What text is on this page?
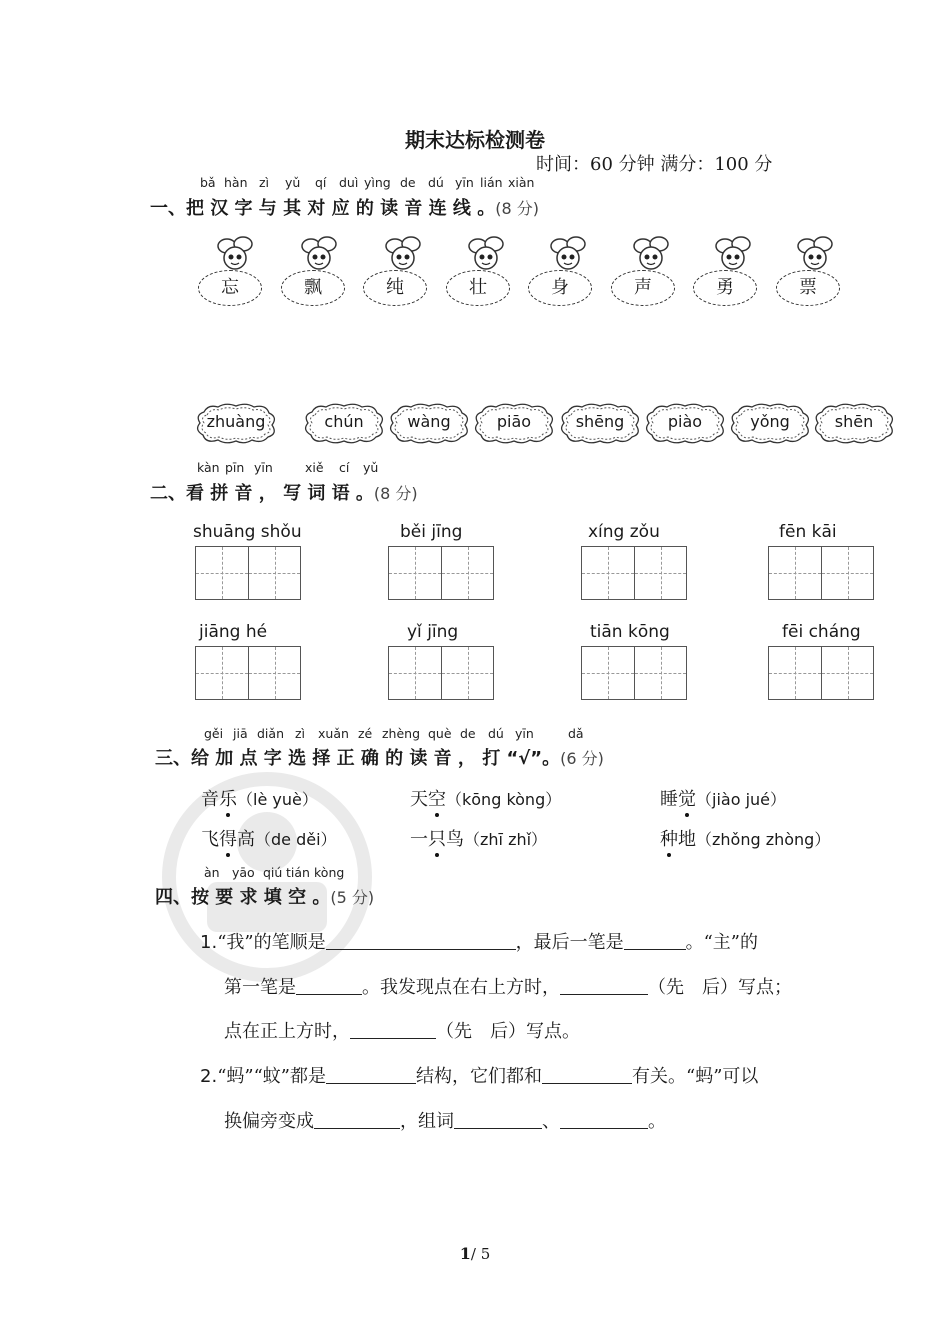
期末达标检测卷
时间：60 分钟 满分：100 分
bǎ hàn zì yǔ qí duì yìng de dú yīn lián xiàn
一、把 汉 字 与 其 对 应 的 读 音 连 线 。(8 分)
忘	飘	纯	壮	身	声	勇	票
zhuàng	chún	wàng	piāo	shēng	piào	yǒng	shēn
kàn pīn yīn	xiě cí yǔ
二、看 拼 音 ， 写 词 语 。(8 分)
shuāng shǒu	běi jīng	xíng zǒu	fēn kāi
jiāng hé	yǐ jīng	tiān kōng	fēi cháng
gěi jiā diǎn zì xuǎn zé zhèng què de dú yīn	dǎ
三、给 加 点 字 选 择 正 确 的 读 音 ， 打 “√”。(6 分)
音乐（lè yuè）	天空（kōng kòng）	睡觉（jiào jué）
飞得高（de děi）	一只鸟（zhī zhǐ）	种地（zhǒng zhòng）
àn yāo qiú tián kòng
四、按 要 求 填 空 。(5 分)
1.“我”的笔顺是	，最后一笔是	。“主”的
第一笔是	。我发现点在右上方时，	（先　后）写点；
点在正上方时，	（先　后）写点。
2.“蚂”“蚊”都是	结构，它们都和	有关。“蚂”可以
换偏旁变成	，组词	、	。
1/ 5
